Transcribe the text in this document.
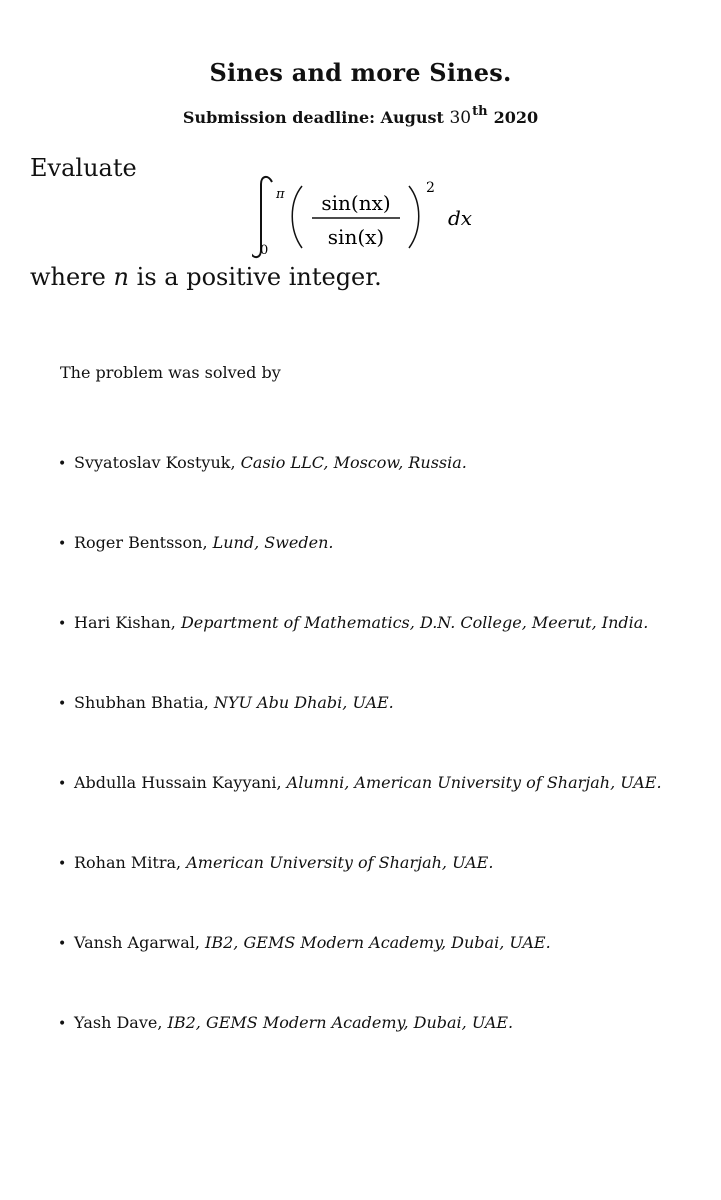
Sines and more Sines.
Submission deadline: August 30th 2020
Evaluate
π
0
sin(nx)
sin(x)
2
dx
where n is a positive integer.
The problem was solved by
• Svyatoslav Kostyuk, Casio LLC, Moscow, Russia.
• Roger Bentsson, Lund, Sweden.
• Hari Kishan, Department of Mathematics, D.N. College, Meerut, India.
• Shubhan Bhatia, NYU Abu Dhabi, UAE.
• Abdulla Hussain Kayyani, Alumni, American University of Sharjah, UAE.
• Rohan Mitra, American University of Sharjah, UAE.
• Vansh Agarwal, IB2, GEMS Modern Academy, Dubai, UAE.
• Yash Dave, IB2, GEMS Modern Academy, Dubai, UAE.
